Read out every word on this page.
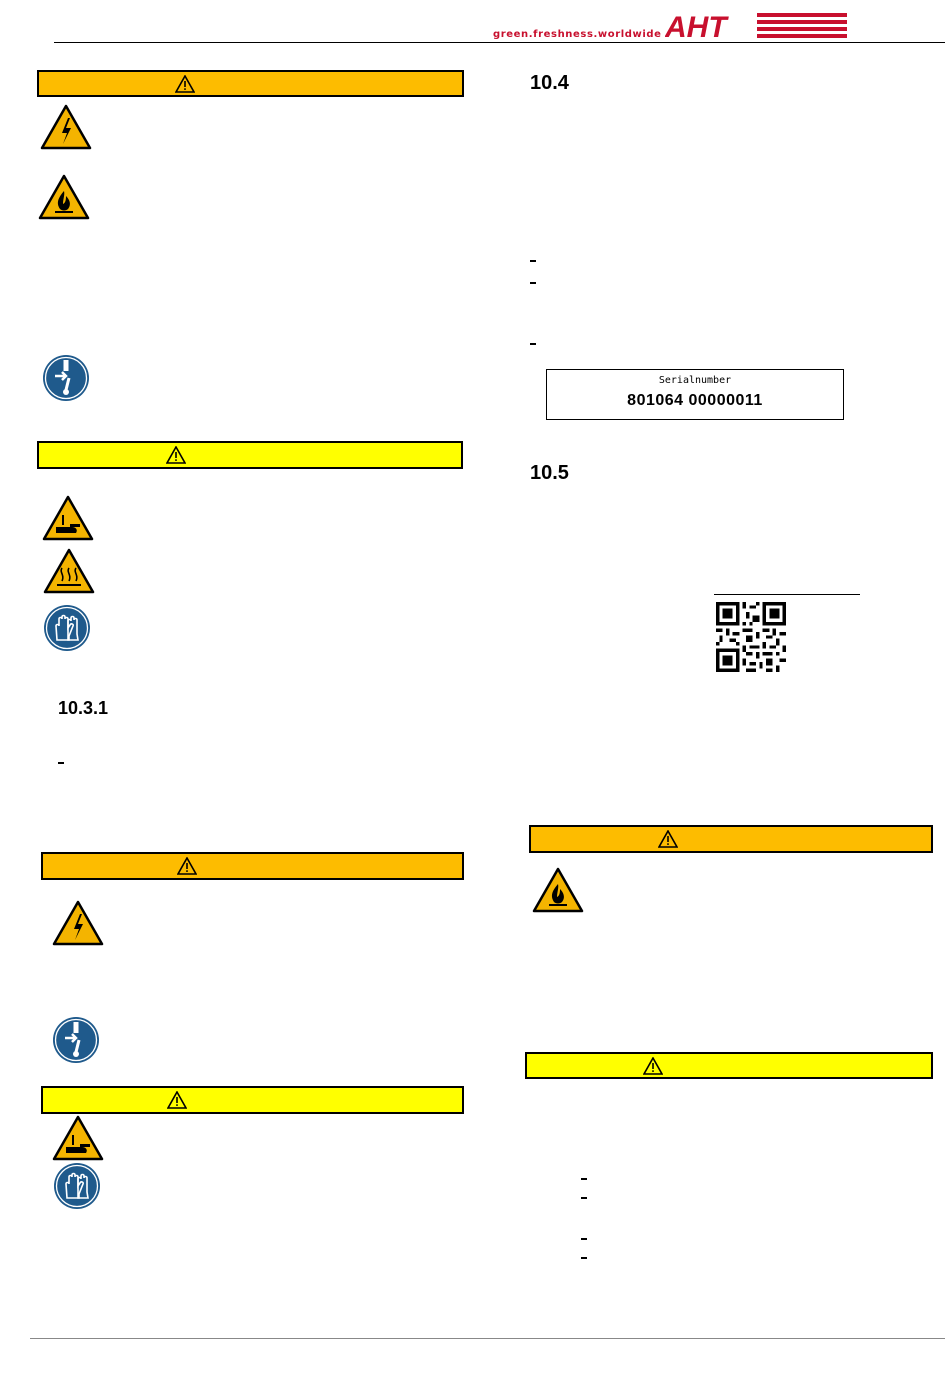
green.freshness.worldwide AHT
10.3.1
10.4
Serialnumber
801064 00000011
10.5
